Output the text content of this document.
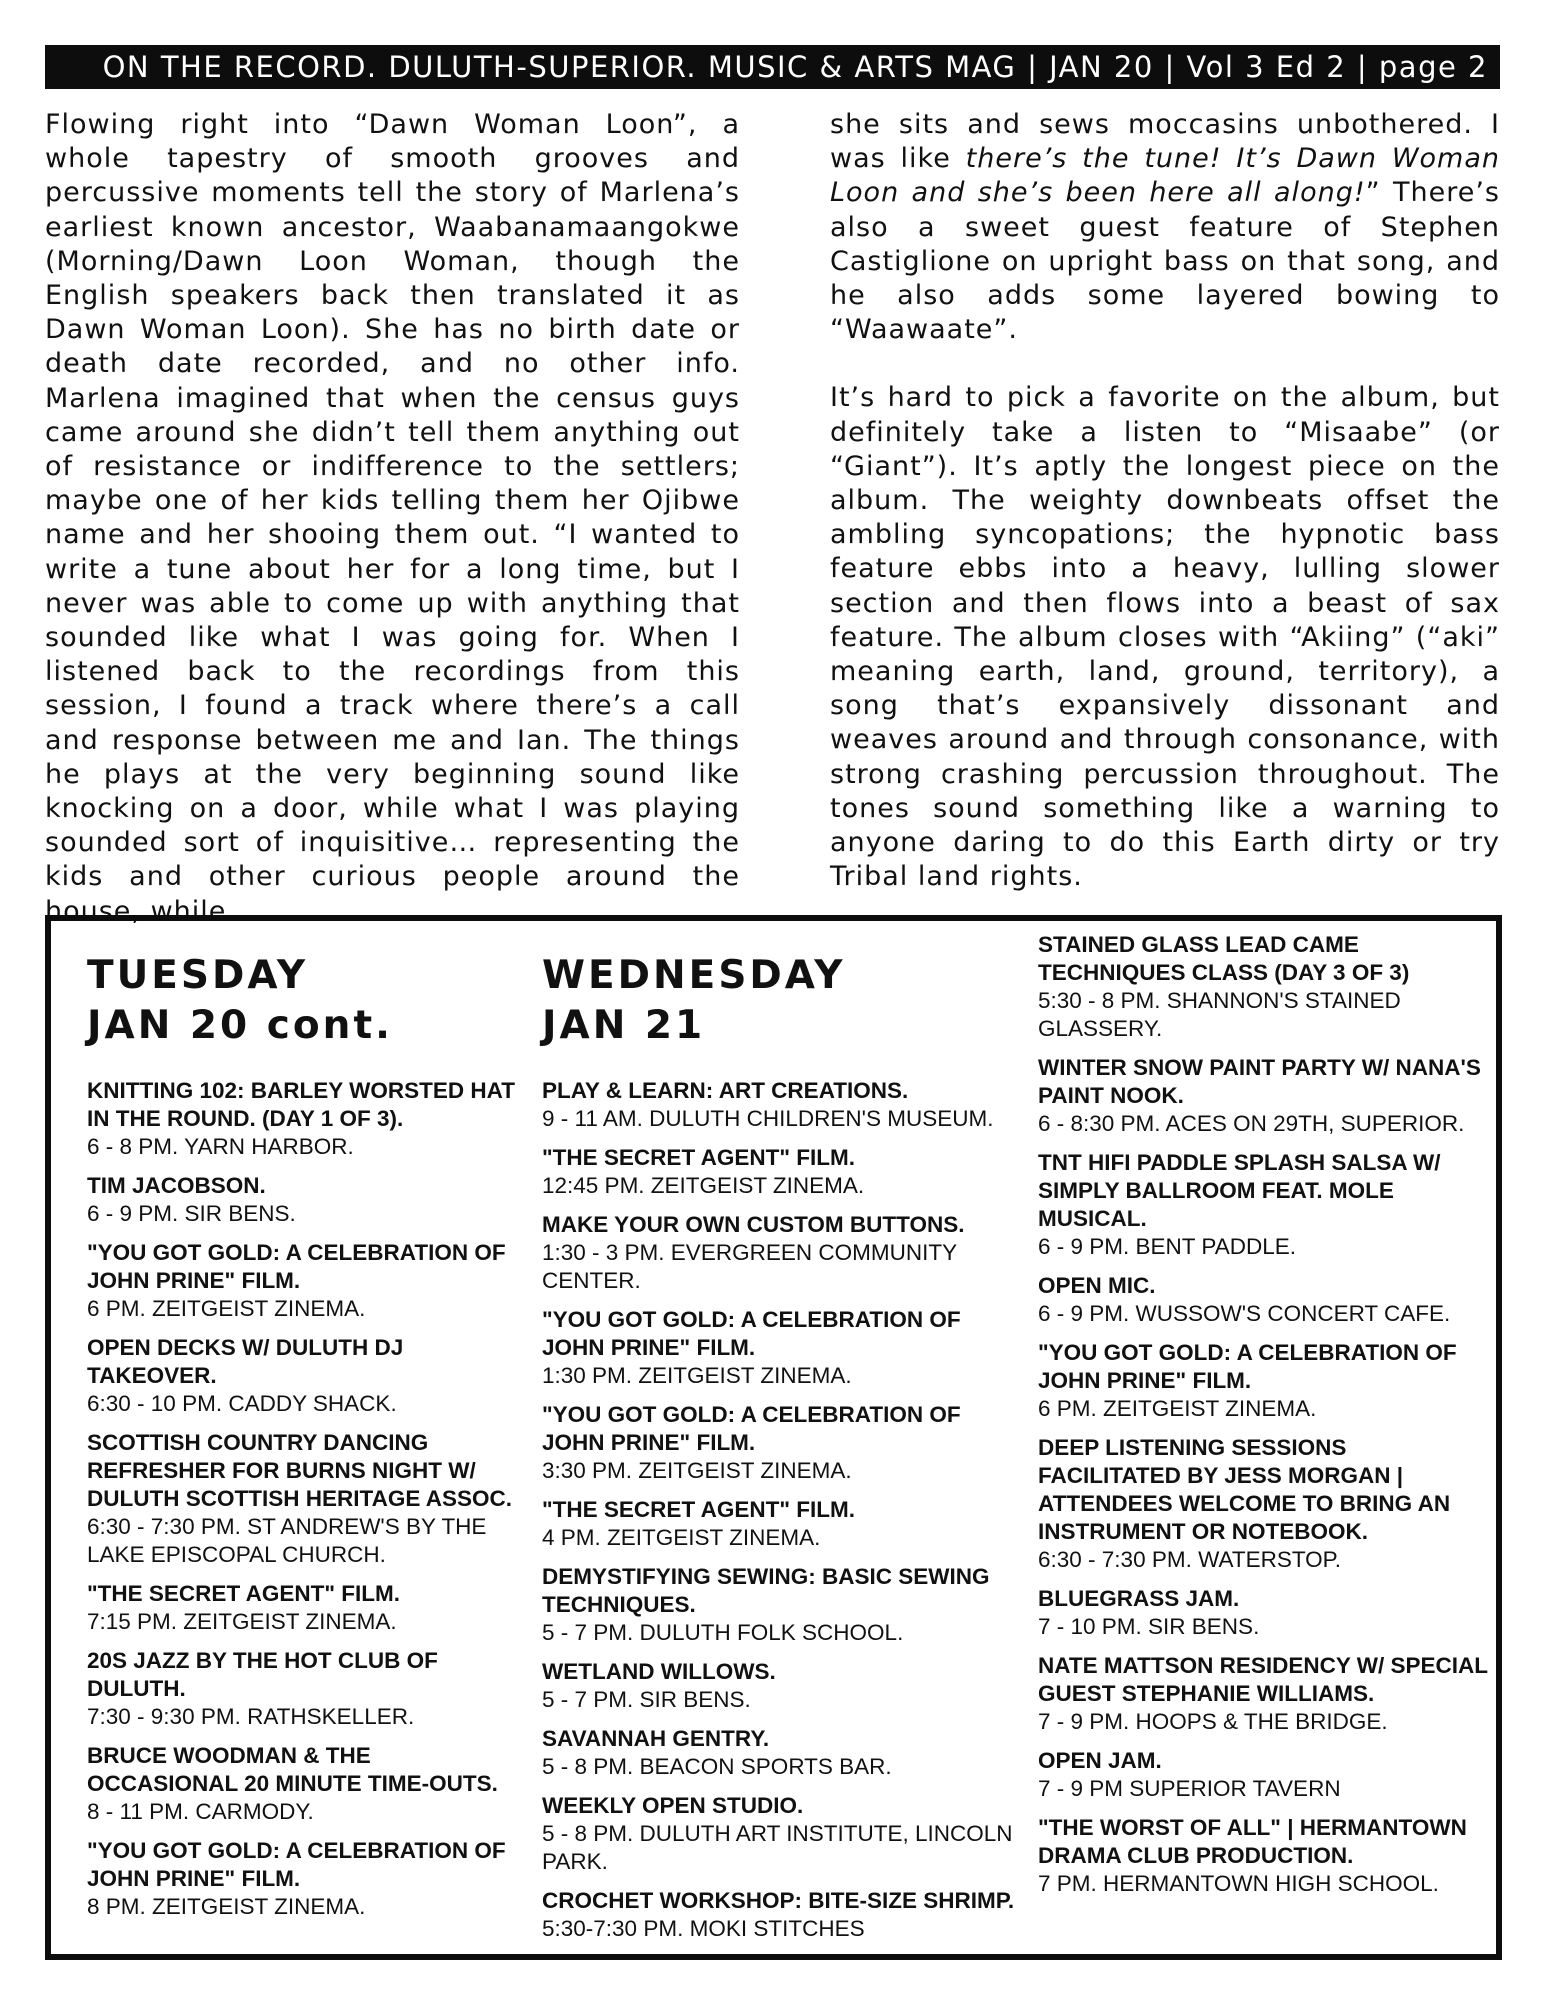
ON THE RECORD. DULUTH-SUPERIOR. MUSIC & ARTS MAG | JAN 20 | Vol 3 Ed 2 | page 2

Flowing right into “Dawn Woman Loon”, a whole tapestry of smooth grooves and percussive moments tell the story of Marlena’s earliest known ancestor, Waabanamaangokwe (Morning/Dawn Loon Woman, though the English speakers back then translated it as Dawn Woman Loon). She has no birth date or death date recorded, and no other info. Marlena imagined that when the census guys came around she didn’t tell them anything out of resistance or indifference to the settlers; maybe one of her kids telling them her Ojibwe name and her shooing them out. “I wanted to write a tune about her for a long time, but I never was able to come up with anything that sounded like what I was going for. When I listened back to the recordings from this session, I found a track where there’s a call and response between me and Ian. The things he plays at the very beginning sound like knocking on a door, while what I was playing sounded sort of inquisitive… representing the kids and other curious people around the house, while

she sits and sews moccasins unbothered. I was like there’s the tune! It’s Dawn Woman Loon and she’s been here all along!” There’s also a sweet guest feature of Stephen Castiglione on upright bass on that song, and he also adds some layered bowing to “Waawaate”.

It’s hard to pick a favorite on the album, but definitely take a listen to “Misaabe” (or “Giant”). It’s aptly the longest piece on the album. The weighty downbeats offset the ambling syncopations; the hypnotic bass feature ebbs into a heavy, lulling slower section and then flows into a beast of sax feature. The album closes with “Akiing” (“aki” meaning earth, land, ground, territory), a song that’s expansively dissonant and weaves around and through consonance, with strong crashing percussion throughout. The tones sound something like a warning to anyone daring to do this Earth dirty or try Tribal land rights.

TUESDAY
JAN 20 cont.
KNITTING 102: BARLEY WORSTED HAT IN THE ROUND. (DAY 1 OF 3).
6 - 8 PM. YARN HARBOR.
TIM JACOBSON.
6 - 9 PM. SIR BENS.
"YOU GOT GOLD: A CELEBRATION OF JOHN PRINE" FILM.
6 PM. ZEITGEIST ZINEMA.
OPEN DECKS W/ DULUTH DJ TAKEOVER.
6:30 - 10 PM. CADDY SHACK.
SCOTTISH COUNTRY DANCING REFRESHER FOR BURNS NIGHT W/ DULUTH SCOTTISH HERITAGE ASSOC.
6:30 - 7:30 PM. ST ANDREW'S BY THE LAKE EPISCOPAL CHURCH.
"THE SECRET AGENT" FILM.
7:15 PM. ZEITGEIST ZINEMA.
20S JAZZ BY THE HOT CLUB OF DULUTH.
7:30 - 9:30 PM. RATHSKELLER.
BRUCE WOODMAN & THE OCCASIONAL 20 MINUTE TIME-OUTS.
8 - 11 PM. CARMODY.
"YOU GOT GOLD: A CELEBRATION OF JOHN PRINE" FILM.
8 PM. ZEITGEIST ZINEMA.
WEDNESDAY
JAN 21
PLAY & LEARN: ART CREATIONS.
9 - 11 AM. DULUTH CHILDREN'S MUSEUM.
"THE SECRET AGENT" FILM.
12:45 PM. ZEITGEIST ZINEMA.
MAKE YOUR OWN CUSTOM BUTTONS.
1:30 - 3 PM. EVERGREEN COMMUNITY CENTER.
"YOU GOT GOLD: A CELEBRATION OF JOHN PRINE" FILM.
1:30 PM. ZEITGEIST ZINEMA.
"YOU GOT GOLD: A CELEBRATION OF JOHN PRINE" FILM.
3:30 PM. ZEITGEIST ZINEMA.
"THE SECRET AGENT" FILM.
4 PM. ZEITGEIST ZINEMA.
DEMYSTIFYING SEWING: BASIC SEWING TECHNIQUES.
5 - 7 PM. DULUTH FOLK SCHOOL.
WETLAND WILLOWS.
5 - 7 PM. SIR BENS.
SAVANNAH GENTRY.
5 - 8 PM. BEACON SPORTS BAR.
WEEKLY OPEN STUDIO.
5 - 8 PM. DULUTH ART INSTITUTE, LINCOLN PARK.
CROCHET WORKSHOP: BITE-SIZE SHRIMP.
5:30-7:30 PM. MOKI STITCHES
STAINED GLASS LEAD CAME TECHNIQUES CLASS (DAY 3 OF 3)
5:30 - 8 PM. SHANNON'S STAINED GLASSERY.
WINTER SNOW PAINT PARTY W/ NANA'S PAINT NOOK.
6 - 8:30 PM. ACES ON 29TH, SUPERIOR.
TNT HIFI PADDLE SPLASH SALSA W/ SIMPLY BALLROOM FEAT. MOLE MUSICAL.
6 - 9 PM. BENT PADDLE.
OPEN MIC.
6 - 9 PM. WUSSOW'S CONCERT CAFE.
"YOU GOT GOLD: A CELEBRATION OF JOHN PRINE" FILM.
6 PM. ZEITGEIST ZINEMA.
DEEP LISTENING SESSIONS FACILITATED BY JESS MORGAN | ATTENDEES WELCOME TO BRING AN INSTRUMENT OR NOTEBOOK.
6:30 - 7:30 PM. WATERSTOP.
BLUEGRASS JAM.
7 - 10 PM. SIR BENS.
NATE MATTSON RESIDENCY W/ SPECIAL GUEST STEPHANIE WILLIAMS.
7 - 9 PM. HOOPS & THE BRIDGE.
OPEN JAM.
7 - 9 PM SUPERIOR TAVERN
"THE WORST OF ALL" | HERMANTOWN DRAMA CLUB PRODUCTION.
7 PM. HERMANTOWN HIGH SCHOOL.
